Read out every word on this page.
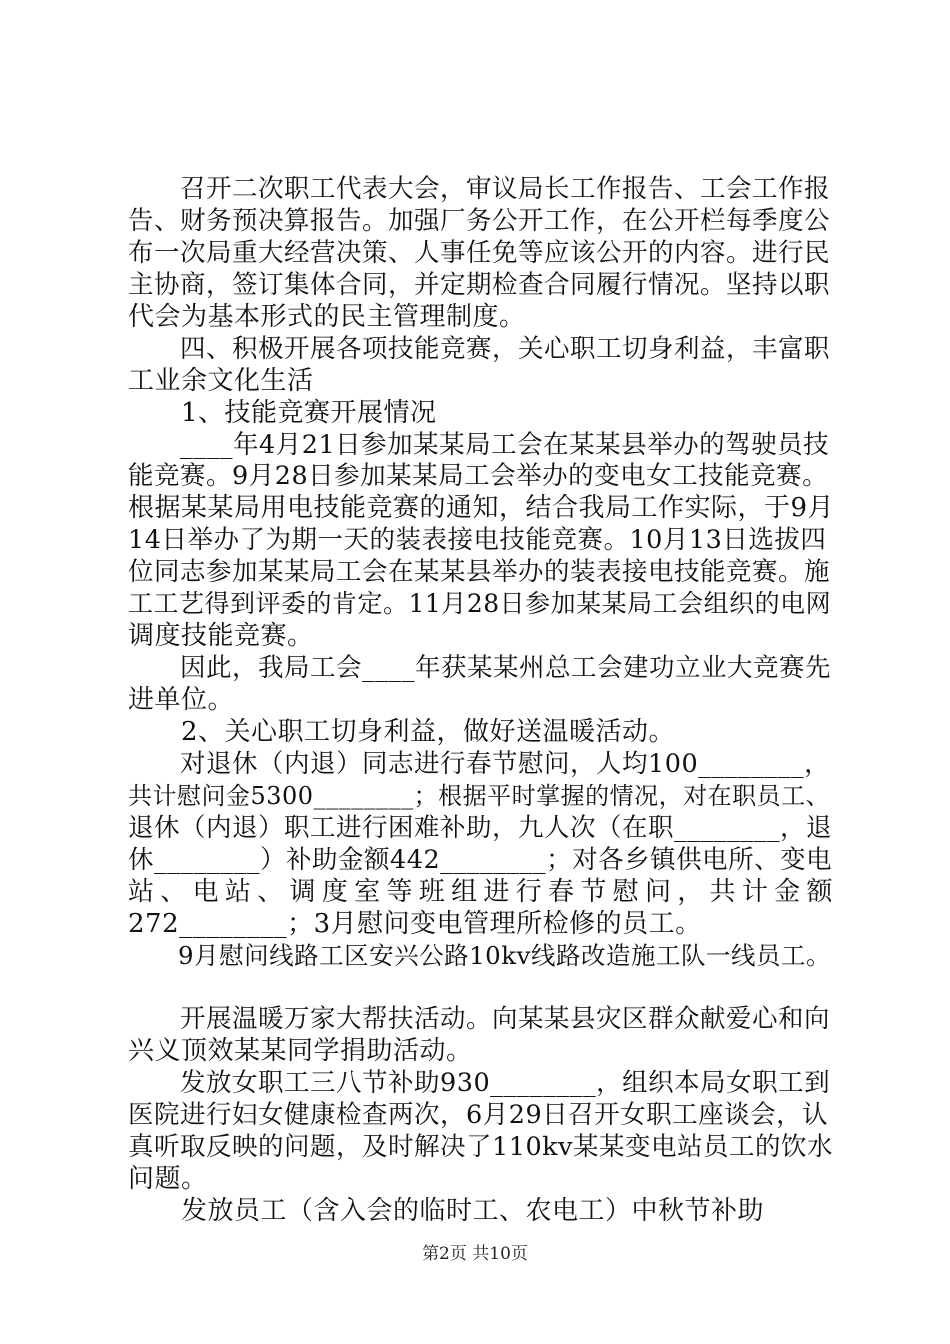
　　召开二次职工代表大会，审议局长工作报告、工会工作报
告、财务预决算报告。加强厂务公开工作，在公开栏每季度公
布一次局重大经营决策、人事任免等应该公开的内容。进行民
主协商，签订集体合同，并定期检查合同履行情况。坚持以职
代会为基本形式的民主管理制度。
　　四、积极开展各项技能竞赛，关心职工切身利益，丰富职
工业余文化生活
　　1、技能竞赛开展情况
　　____年4月21日参加某某局工会在某某县举办的驾驶员技
能竞赛。9月28日参加某某局工会举办的变电女工技能竞赛。
根据某某局用电技能竞赛的通知，结合我局工作实际，于9月
14日举办了为期一天的装表接电技能竞赛。10月13日选拔四
位同志参加某某局工会在某某县举办的装表接电技能竞赛。施
工工艺得到评委的肯定。11月28日参加某某局工会组织的电网
调度技能竞赛。
　　因此，我局工会____年获某某州总工会建功立业大竞赛先
进单位。
　　2、关心职工切身利益，做好送温暖活动。
　　对退休（内退）同志进行春节慰问，人均100________，
共计慰问金5300________；根据平时掌握的情况，对在职员工、
退休（内退）职工进行困难补助，九人次（在职________，退
休________）补助金额442________；对各乡镇供电所、变电
站、电站、调度室等班组进行春节慰问，共计金额
272________；3月慰问变电管理所检修的员工。
　　9月慰问线路工区安兴公路10kv线路改造施工队一线员工。
　　开展温暖万家大帮扶活动。向某某县灾区群众献爱心和向
兴义顶效某某同学捐助活动。
　　发放女职工三八节补助930________，组织本局女职工到
医院进行妇女健康检查两次，6月29日召开女职工座谈会，认
真听取反映的问题，及时解决了110kv某某变电站员工的饮水
问题。
　　发放员工（含入会的临时工、农电工）中秋节补助
第2页 共10页
